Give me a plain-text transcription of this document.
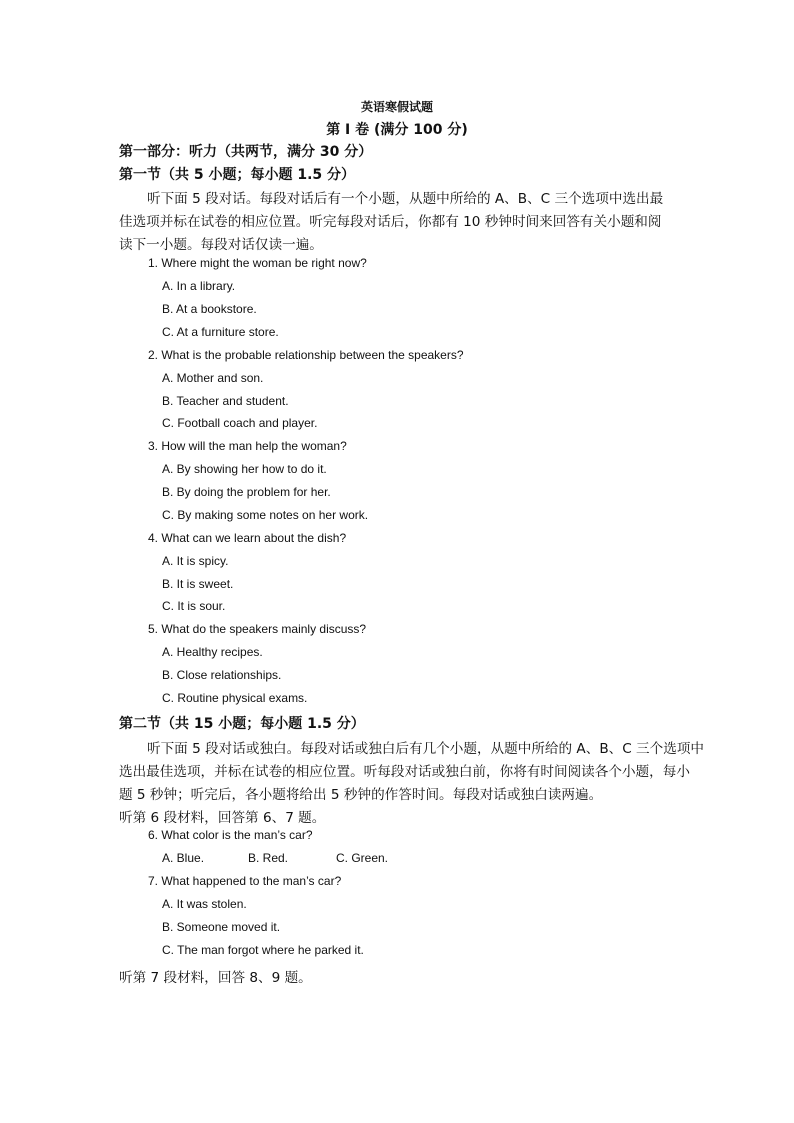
英语寒假试题
第 I 卷 (满分 100 分)
第一部分：听力（共两节，满分 30 分）
第一节（共 5 小题；每小题 1.5 分）
听下面 5 段对话。每段对话后有一个小题，从题中所给的 A、B、C 三个选项中选出最
佳选项并标在试卷的相应位置。听完每段对话后，你都有 10 秒钟时间来回答有关小题和阅
读下一小题。每段对话仅读一遍。
1. Where might the woman be right now?
A. In a library.
B. At a bookstore.
C. At a furniture store.
2. What is the probable relationship between the speakers?
A. Mother and son.
B. Teacher and student.
C. Football coach and player.
3. How will the man help the woman?
A. By showing her how to do it.
B. By doing the problem for her.
C. By making some notes on her work.
4. What can we learn about the dish?
A. It is spicy.
B. It is sweet.
C. It is sour.
5. What do the speakers mainly discuss?
A. Healthy recipes.
B. Close relationships.
C. Routine physical exams.
第二节（共 15 小题；每小题 1.5 分）
听下面 5 段对话或独白。每段对话或独白后有几个小题，从题中所给的 A、B、C 三个选项中
选出最佳选项，并标在试卷的相应位置。听每段对话或独白前，你将有时间阅读各个小题，每小
题 5 秒钟；听完后，各小题将给出 5 秒钟的作答时间。每段对话或独白读两遍。
听第 6 段材料，回答第 6、7 题。
6. What color is the man’s car?
A. Blue.	B. Red.	C. Green.
7. What happened to the man’s car?
A. It was stolen.
B. Someone moved it.
C. The man forgot where he parked it.
听第 7 段材料，回答 8、9 题。
